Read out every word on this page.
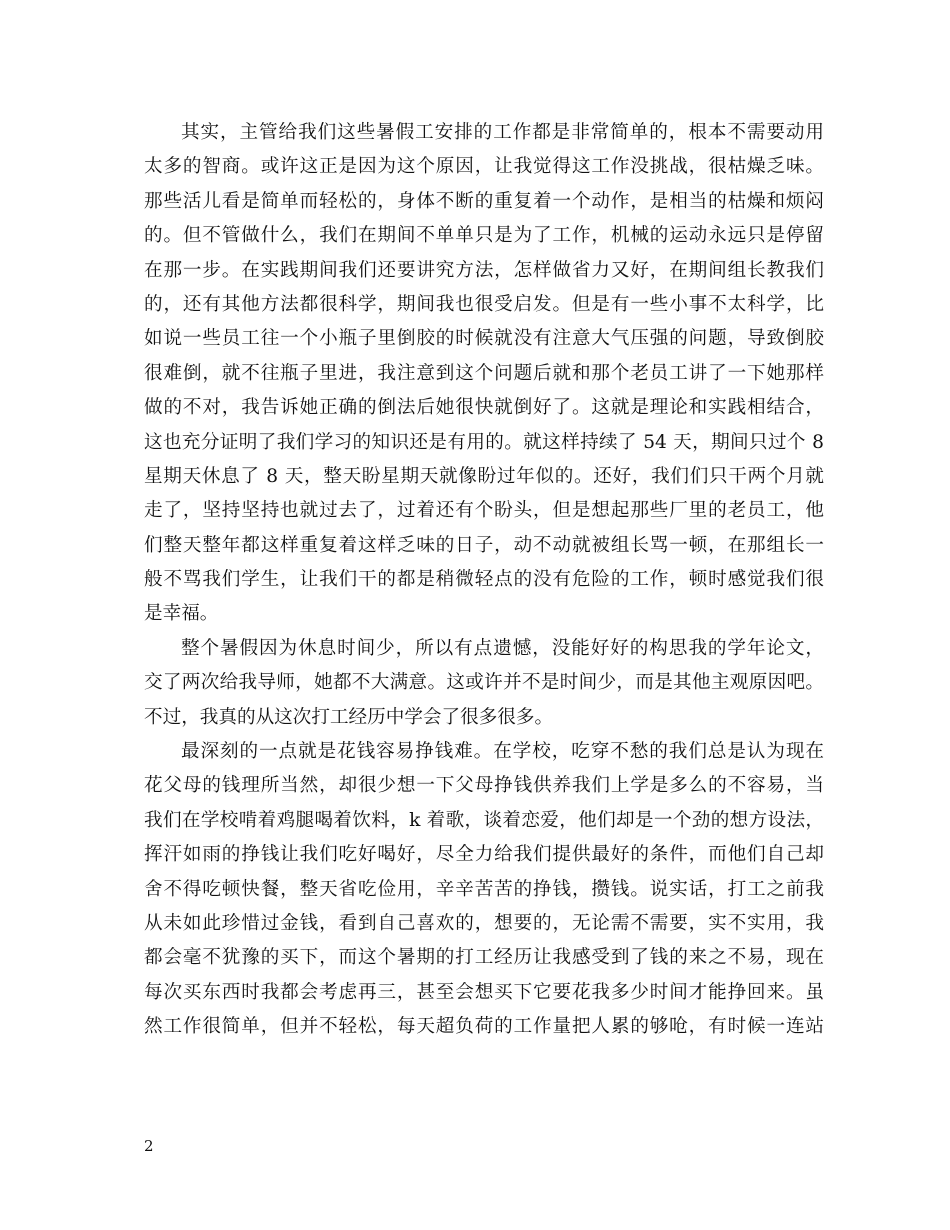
其实，主管给我们这些暑假工安排的工作都是非常简单的，根本不需要动用
太多的智商。或许这正是因为这个原因，让我觉得这工作没挑战，很枯燥乏味。
那些活儿看是简单而轻松的，身体不断的重复着一个动作，是相当的枯燥和烦闷
的。但不管做什么，我们在期间不单单只是为了工作，机械的运动永远只是停留
在那一步。在实践期间我们还要讲究方法，怎样做省力又好，在期间组长教我们
的，还有其他方法都很科学，期间我也很受启发。但是有一些小事不太科学，比
如说一些员工往一个小瓶子里倒胶的时候就没有注意大气压强的问题，导致倒胶
很难倒，就不往瓶子里进，我注意到这个问题后就和那个老员工讲了一下她那样
做的不对，我告诉她正确的倒法后她很快就倒好了。这就是理论和实践相结合，
这也充分证明了我们学习的知识还是有用的。就这样持续了 54 天，期间只过个 8
星期天休息了 8 天，整天盼星期天就像盼过年似的。还好，我们们只干两个月就
走了，坚持坚持也就过去了，过着还有个盼头，但是想起那些厂里的老员工，他
们整天整年都这样重复着这样乏味的日子，动不动就被组长骂一顿，在那组长一
般不骂我们学生，让我们干的都是稍微轻点的没有危险的工作，顿时感觉我们很
是幸福。
整个暑假因为休息时间少，所以有点遗憾，没能好好的构思我的学年论文，
交了两次给我导师，她都不大满意。这或许并不是时间少，而是其他主观原因吧。
不过，我真的从这次打工经历中学会了很多很多。
最深刻的一点就是花钱容易挣钱难。在学校，吃穿不愁的我们总是认为现在
花父母的钱理所当然，却很少想一下父母挣钱供养我们上学是多么的不容易，当
我们在学校啃着鸡腿喝着饮料，k 着歌，谈着恋爱，他们却是一个劲的想方设法，
挥汗如雨的挣钱让我们吃好喝好，尽全力给我们提供最好的条件，而他们自己却
舍不得吃顿快餐，整天省吃俭用，辛辛苦苦的挣钱，攒钱。说实话，打工之前我
从未如此珍惜过金钱，看到自己喜欢的，想要的，无论需不需要，实不实用，我
都会毫不犹豫的买下，而这个暑期的打工经历让我感受到了钱的来之不易，现在
每次买东西时我都会考虑再三，甚至会想买下它要花我多少时间才能挣回来。虽
然工作很简单，但并不轻松，每天超负荷的工作量把人累的够呛，有时候一连站
2
